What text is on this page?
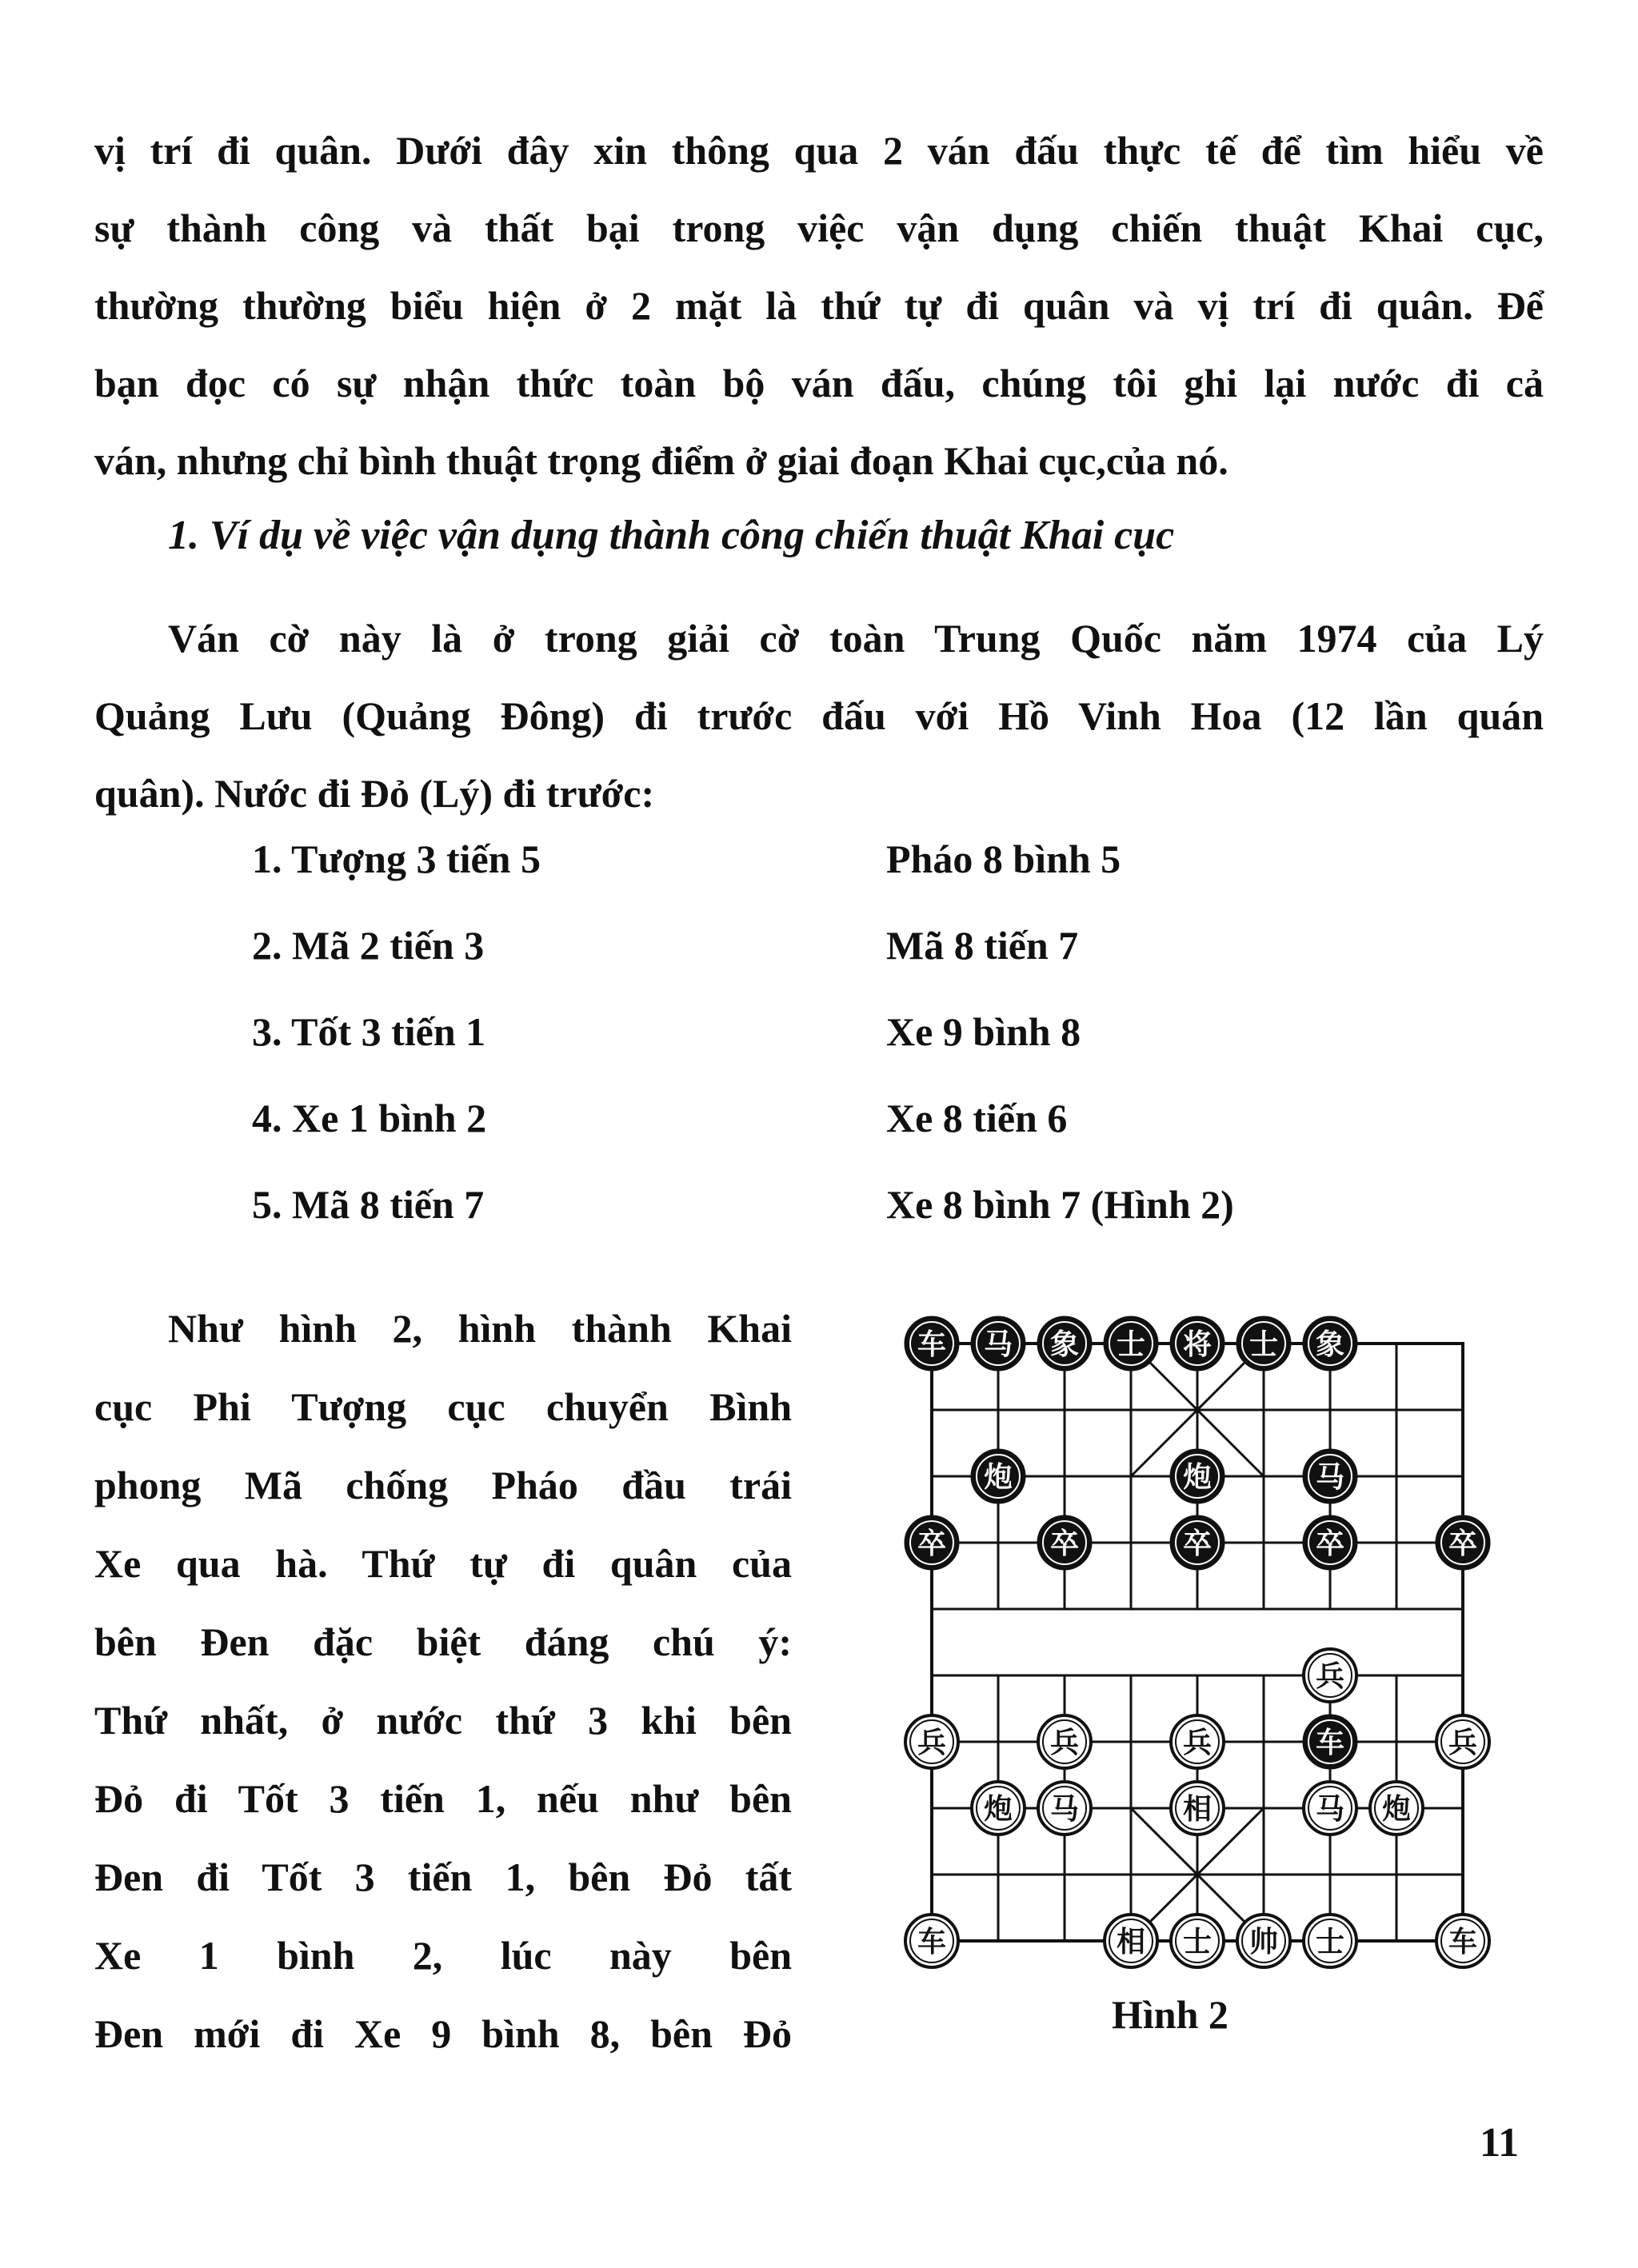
vị trí đi quân. Dưới đây xin thông qua 2 ván đấu thực tế để tìm hiểu về
sự thành công và thất bại trong việc vận dụng chiến thuật Khai cục,
thường thường biểu hiện ở 2 mặt là thứ tự đi quân và vị trí đi quân. Để
bạn đọc có sự nhận thức toàn bộ ván đấu, chúng tôi ghi lại nước đi cả
ván, nhưng chỉ bình thuật trọng điểm ở giai đoạn Khai cục,của nó.
1. Ví dụ về việc vận dụng thành công chiến thuật Khai cục
Ván cờ này là ở trong giải cờ toàn Trung Quốc năm 1974 của Lý
Quảng Lưu (Quảng Đông) đi trước đấu với Hồ Vinh Hoa (12 lần quán
quân). Nước đi Đỏ (Lý) đi trước:
1. Tượng 3 tiến 5	Pháo 8 bình 5
2. Mã 2 tiến 3	Mã 8 tiến 7
3. Tốt 3 tiến 1	Xe 9 bình 8
4. Xe 1 bình 2	Xe 8 tiến 6
5. Mã 8 tiến 7	Xe 8 bình 7 (Hình 2)
Như hình 2, hình thành Khai
cục Phi Tượng cục chuyển Bình
phong Mã chống Pháo đầu trái
Xe qua hà. Thứ tự đi quân của
bên Đen đặc biệt đáng chú ý:
Thứ nhất, ở nước thứ 3 khi bên
Đỏ đi Tốt 3 tiến 1, nếu như bên
Đen đi Tốt 3 tiến 1, bên Đỏ tất
Xe 1 bình 2, lúc này bên
Đen mới đi Xe 9 bình 8, bên Đỏ
车 马 象 士 将 士 象
炮	炮	马
卒	卒	卒	卒	卒
车
兵
兵	兵	兵	兵
炮 马	相	马 炮
车	相 士 帅 士	车
Hình 2
11
